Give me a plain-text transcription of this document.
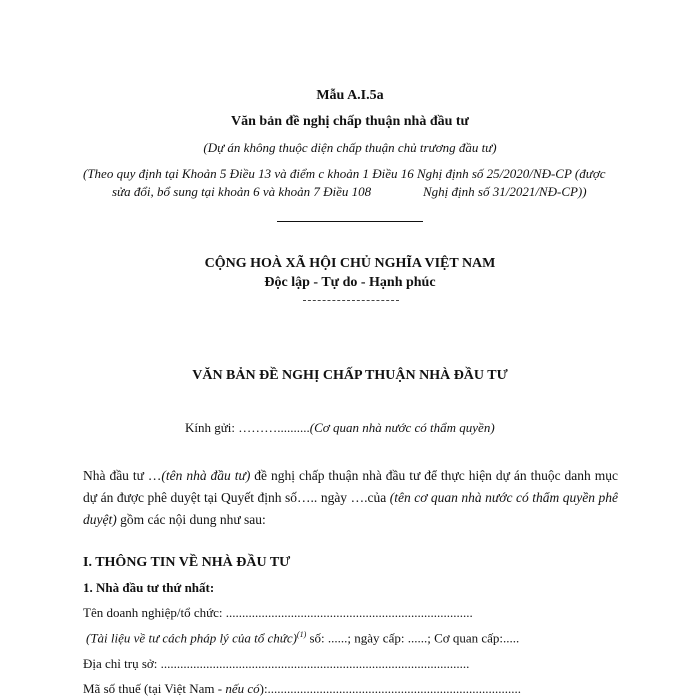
Mẫu A.I.5a
Văn bản đề nghị chấp thuận nhà đầu tư
(Dự án không thuộc diện chấp thuận chủ trương đầu tư)
(Theo quy định tại Khoản 5 Điều 13 và điểm c khoản 1 Điều 16 Nghị định số 25/2020/NĐ-CP (được
sửa đổi, bổ sung tại khoản 6 và khoản 7 Điều 108	Nghị định số 31/2021/NĐ-CP))
CỘNG HOÀ XÃ HỘI CHỦ NGHĨA VIỆT NAM
Độc lập - Tự do - Hạnh phúc
VĂN BẢN ĐỀ NGHỊ CHẤP THUẬN NHÀ ĐẦU TƯ
Kính gửi: ………..........(Cơ quan nhà nước có thẩm quyền)
Nhà đầu tư …(tên nhà đầu tư) đề nghị chấp thuận nhà đầu tư để thực hiện dự án thuộc danh mục dự án được phê duyệt tại Quyết định số….. ngày ….của (tên cơ quan nhà nước có thẩm quyền phê duyệt) gồm các nội dung như sau:
I. THÔNG TIN VỀ NHÀ ĐẦU TƯ
1. Nhà đầu tư thứ nhất:
Tên doanh nghiệp/tổ chức: ............................................................................
(Tài liệu về tư cách pháp lý của tổ chức)$^{(1)}$ số: ......; ngày cấp: ......; Cơ quan cấp:.....
Địa chỉ trụ sở: ...............................................................................................
Mã số thuế (tại Việt Nam - nếu có):..............................................................................
